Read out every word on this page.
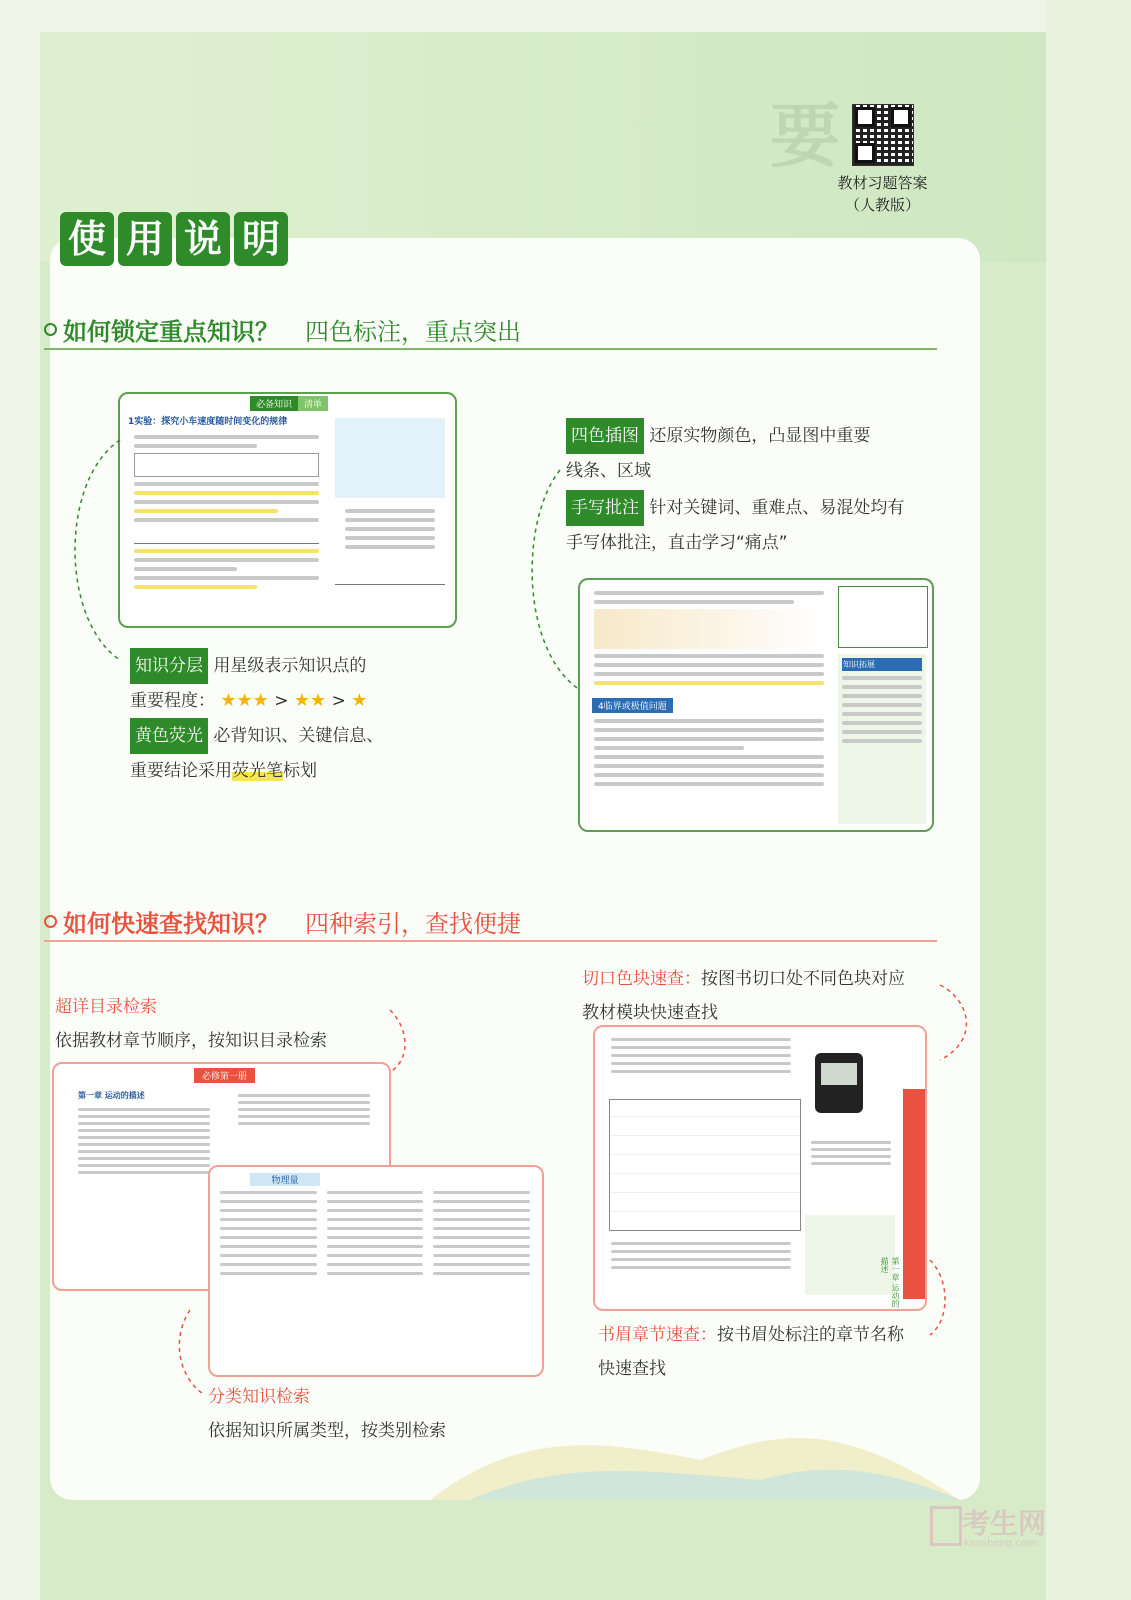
要
教材习题答案
（人教版）
使 用 说 明
如何锁定重点知识？ 四色标注，重点突出
必备知识	清单
1实验：探究小车速度随时间变化的规律
4临界或极值问题
知识拓展
四色插图 还原实物颜色，凸显图中重要
线条、区域
手写批注 针对关键词、重难点、易混处均有
手写体批注，直击学习“痛点”
知识分层 用星级表示知识点的
重要程度： ★★★ > ★★ > ★
黄色荧光 必背知识、关键信息、
重要结论采用荧光笔标划
如何快速查找知识？ 四种索引，查找便捷
超详目录检索
依据教材章节顺序，按知识目录检索
切口色块速查：按图书切口处不同色块对应
教材模块快速查找
书眉章节速查：按书眉处标注的章节名称
快速查找
分类知识检索
依据知识所属类型，按类别检索
必修第一册
第一章 运动的描述
物理量
第一章 运动的描述
考生网
kaosheng.com
